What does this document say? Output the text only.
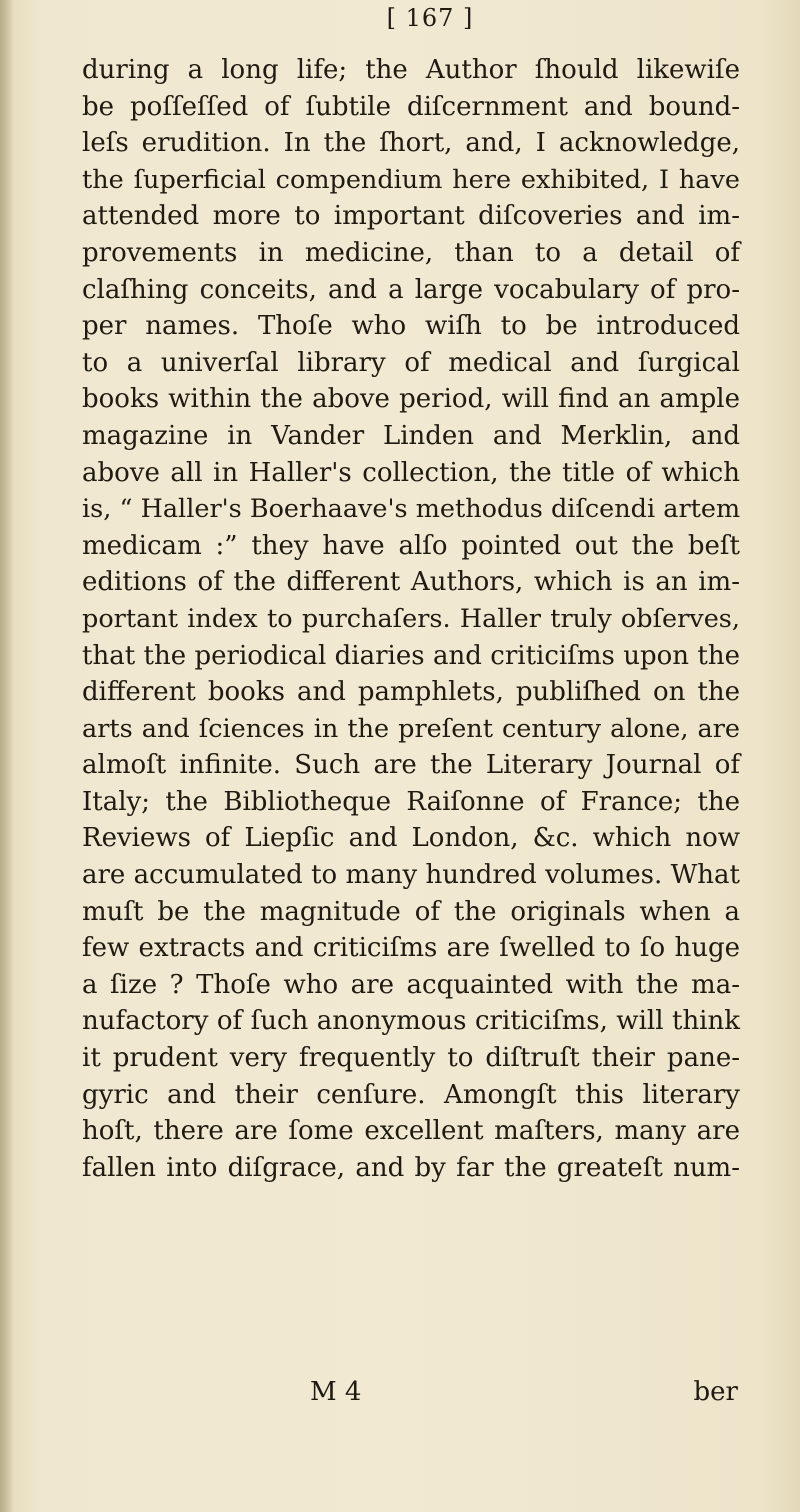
[ 167 ]
during a long life; the Author ſhould likewiſe
be poſſeſſed of ſubtile diſcernment and bound-
leſs erudition. In the ſhort, and, I acknowledge,
the ſuperficial compendium here exhibited, I have
attended more to important diſcoveries and im-
provements in medicine, than to a detail of
claſhing conceits, and a large vocabulary of pro-
per names. Thoſe who wiſh to be introduced
to a univerſal library of medical and ſurgical
books within the above period, will find an ample
magazine in Vander Linden and Merklin, and
above all in Haller's collection, the title of which
is, “ Haller's Boerhaave's methodus diſcendi artem
medicam :” they have alſo pointed out the beſt
editions of the different Authors, which is an im-
portant index to purchaſers. Haller truly obſerves,
that the periodical diaries and criticiſms upon the
different books and pamphlets, publiſhed on the
arts and ſciences in the preſent century alone, are
almoſt infinite. Such are the Literary Journal of
Italy; the Bibliotheque Raiſonne of France; the
Reviews of Liepſic and London, &c. which now
are accumulated to many hundred volumes. What
muſt be the magnitude of the originals when a
few extracts and criticiſms are ſwelled to ſo huge
a ſize ? Thoſe who are acquainted with the ma-
nufactory of ſuch anonymous criticiſms, will think
it prudent very frequently to diſtruſt their pane-
gyric and their cenſure. Amongſt this literary
hoſt, there are ſome excellent maſters, many are
fallen into diſgrace, and by far the greateſt num-
M 4	ber
